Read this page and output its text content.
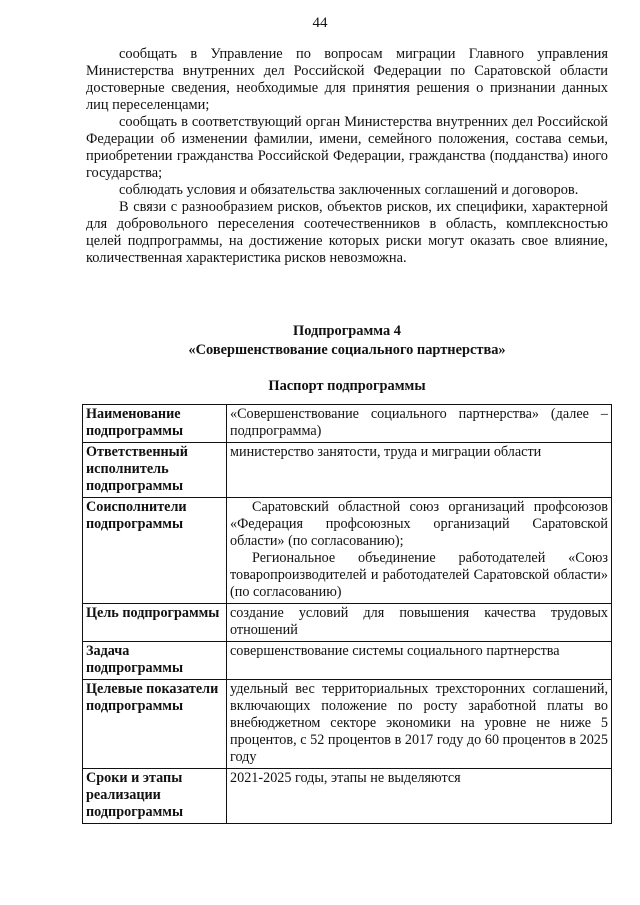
44

сообщать в Управление по вопросам миграции Главного управления Министерства внутренних дел Российской Федерации по Саратовской области достоверные сведения, необходимые для принятия решения о признании данных лиц переселенцами;

сообщать в соответствующий орган Министерства внутренних дел Российской Федерации об изменении фамилии, имени, семейного положения, состава семьи, приобретении гражданства Российской Федерации, гражданства (подданства) иного государства;

соблюдать условия и обязательства заключенных соглашений и договоров.

В связи с разнообразием рисков, объектов рисков, их специфики, характерной для добровольного переселения соотечественников в область, комплексностью целей подпрограммы, на достижение которых риски могут оказать свое влияние, количественная характеристика рисков невозможна.

Подпрограмма 4
«Совершенствование социального партнерства»
Паспорт подпрограммы
Наименование подпрограммы	«Совершенствование социального партнерства» (далее – подпрограмма)

Ответственный исполнитель подпрограммы	министерство занятости, труда и миграции области

Соисполнители подпрограммы	Саратовский областной союз организаций профсоюзов «Федерация профсоюзных организаций Саратовской области» (по согласованию);

Региональное объединение работодателей «Союз товаропроизводителей и работодателей Саратовской области» (по согласованию)

Цель подпрограммы	создание условий для повышения качества трудовых отношений

Задача подпрограммы	совершенствование системы социального партнерства

Целевые показатели подпрограммы	удельный вес территориальных трехсторонних соглашений, включающих положение по росту заработной платы во внебюджетном секторе экономики на уровне не ниже 5 процентов, с 52 процентов в 2017 году до 60 процентов в 2025 году

Сроки и этапы реализации подпрограммы	2021-2025 годы, этапы не выделяются
